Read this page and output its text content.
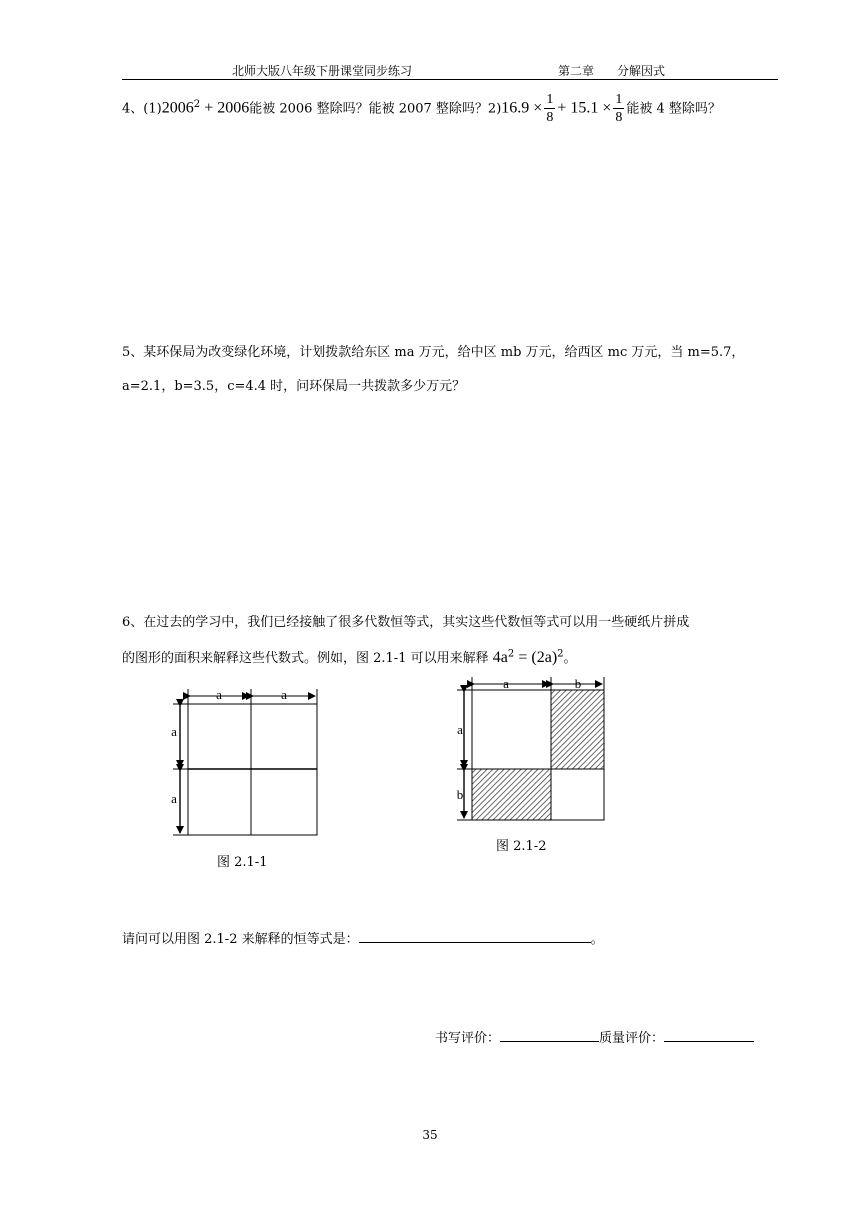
北师大版八年级下册课堂同步练习	第二章 分解因式
4、$(1)2006^2 + 2006$能被 2006 整除吗？能被 2007 整除吗？$2)16.9 \times \frac{1}{8} + 15.1 \times \frac{1}{8}$ 能被 4 整除吗？
5、某环保局为改变绿化环境，计划拨款给东区 ma 万元，给中区 mb 万元，给西区 mc 万元，当 m=5.7，
a=2.1，b=3.5，c=4.4 时，问环保局一共拨款多少万元？
6、在过去的学习中，我们已经接触了很多代数恒等式，其实这些代数恒等式可以用一些硬纸片拼成
的图形的面积来解释这些代数式。例如，图 2.1-1 可以用来解释 $4a^2 = (2a)^2$。
a	a
a
a
图 2.1-1
a	b
a
b
图 2.1-2
请问可以用图 2.1-2 来解释的恒等式是：	。
书写评价：	质量评价：
35
